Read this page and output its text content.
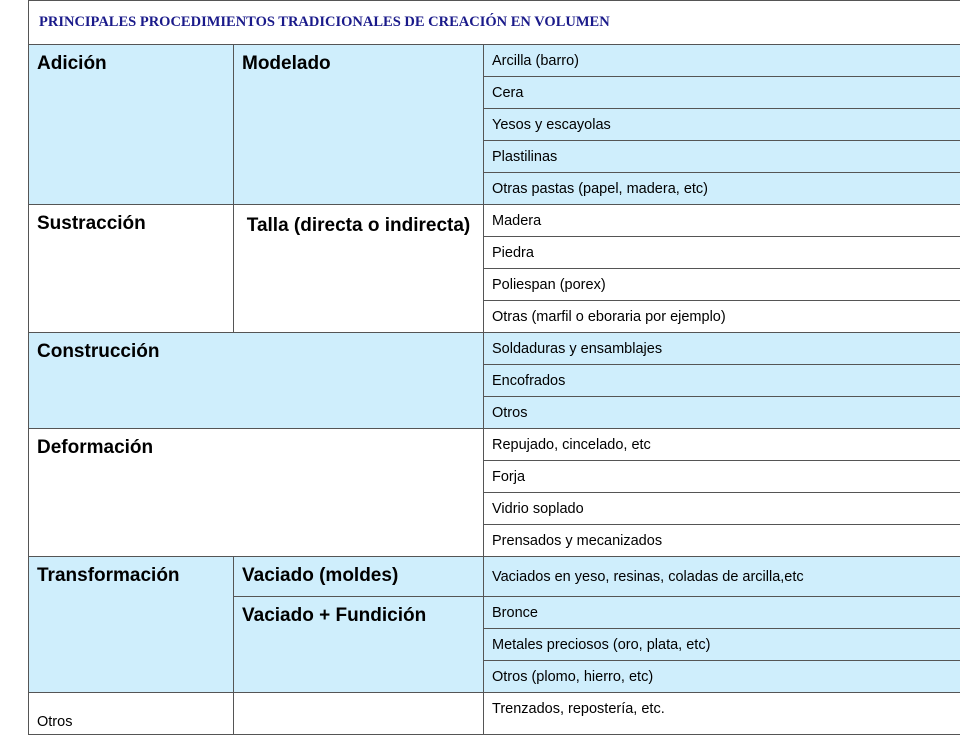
PRINCIPALES PROCEDIMIENTOS TRADICIONALES DE CREACIÓN EN VOLUMEN		
Adición	Modelado	Arcilla (barro)
		Cera
		Yesos y escayolas
		Plastilinas
		Otras pastas (papel, madera, etc)
Sustracción	Talla (directa o indirecta)	Madera
		Piedra
		Poliespan (porex)
		Otras (marfil o eboraria por ejemplo)
Construcción		Soldaduras y ensamblajes
		Encofrados
		Otros
Deformación		Repujado, cincelado, etc
		Forja
		Vidrio soplado
		Prensados y mecanizados
Transformación	Vaciado (moldes)	Vaciados en yeso, resinas, coladas de arcilla,etc
	Vaciado + Fundición	Bronce
		Metales preciosos (oro, plata, etc)
		Otros (plomo, hierro, etc)
Otros		Trenzados, repostería, etc.
